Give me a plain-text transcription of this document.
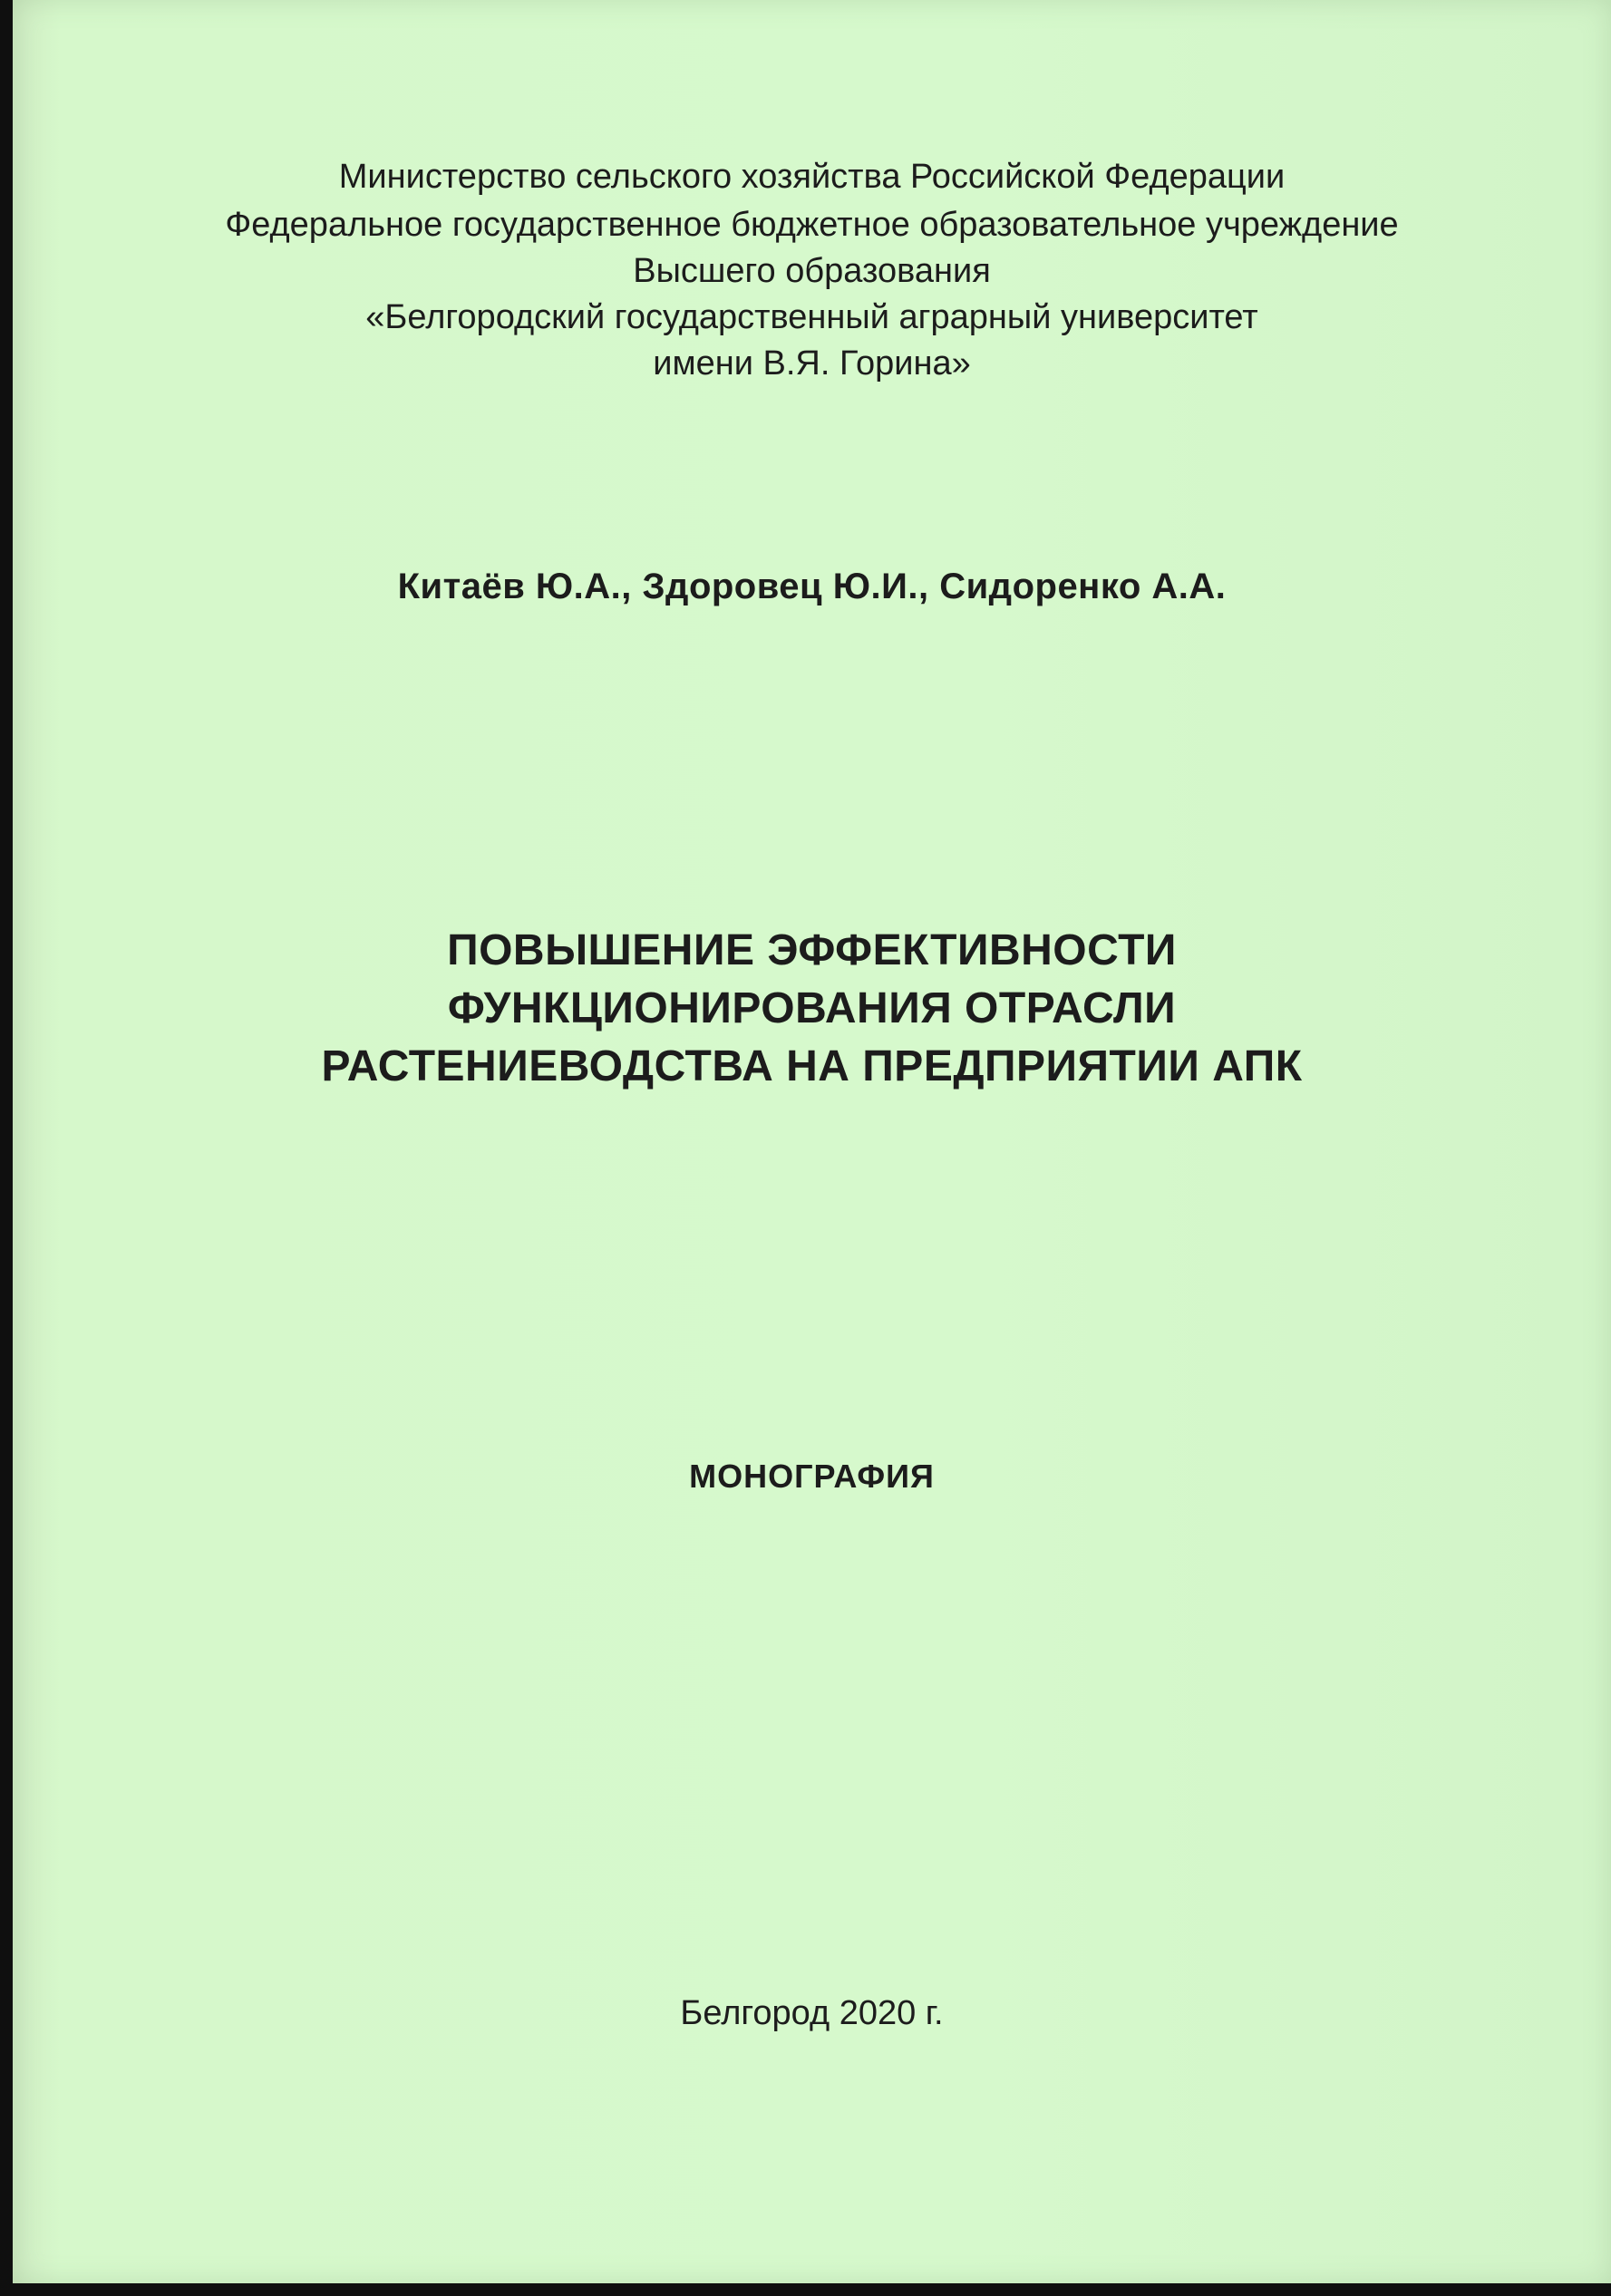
Министерство сельского хозяйства Российской Федерации
Федеральное государственное бюджетное образовательное учреждение
Высшего образования
«Белгородский государственный аграрный университет
имени В.Я. Горина»
Китаёв Ю.А., Здоровец Ю.И., Сидоренко А.А.
ПОВЫШЕНИЕ ЭФФЕКТИВНОСТИ
ФУНКЦИОНИРОВАНИЯ ОТРАСЛИ
РАСТЕНИЕВОДСТВА НА ПРЕДПРИЯТИИ АПК
МОНОГРАФИЯ
Белгород 2020 г.
